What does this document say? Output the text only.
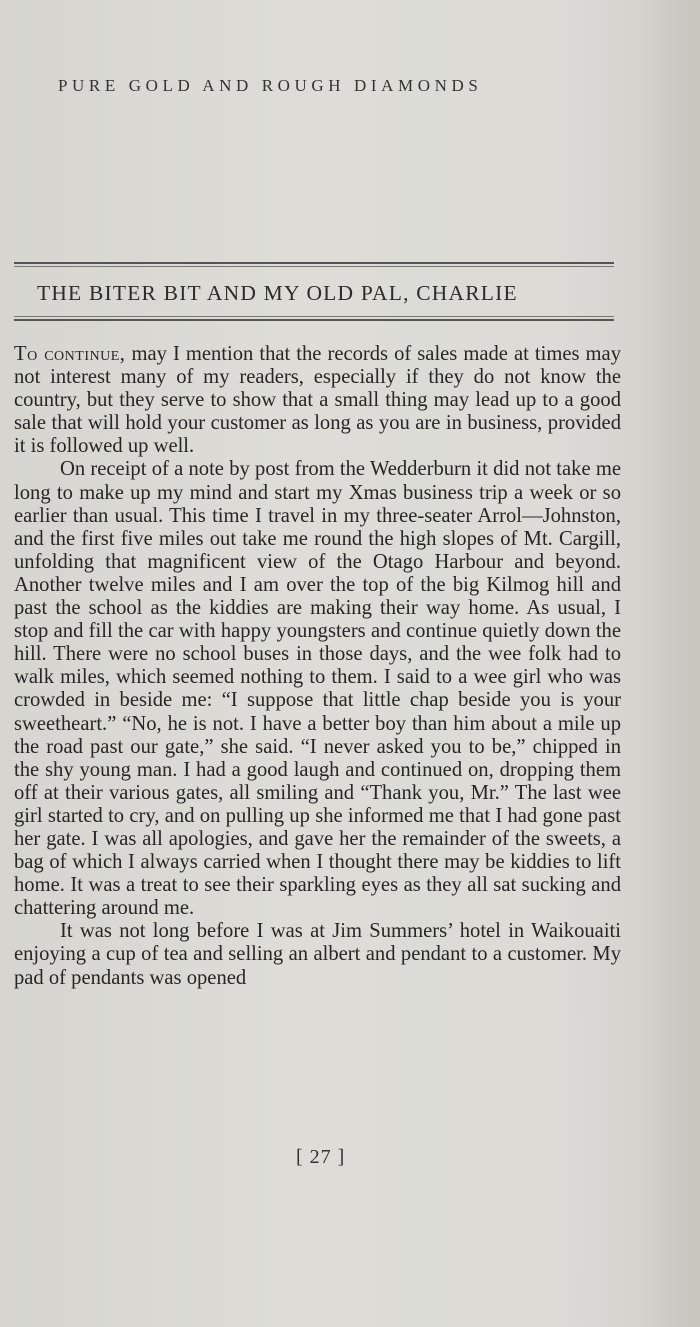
PURE GOLD AND ROUGH DIAMONDS
THE BITER BIT AND MY OLD PAL, CHARLIE

To continue, may I mention that the records of sales made at times may not interest many of my readers, especially if they do not know the country, but they serve to show that a small thing may lead up to a good sale that will hold your customer as long as you are in business, provided it is followed up well.

On receipt of a note by post from the Wedderburn it did not take me long to make up my mind and start my Xmas business trip a week or so earlier than usual. This time I travel in my three-seater Arrol—Johnston, and the first five miles out take me round the high slopes of Mt. Cargill, unfolding that magnificent view of the Otago Harbour and beyond. Another twelve miles and I am over the top of the big Kilmog hill and past the school as the kiddies are making their way home. As usual, I stop and fill the car with happy youngsters and continue quietly down the hill. There were no school buses in those days, and the wee folk had to walk miles, which seemed nothing to them. I said to a wee girl who was crowded in beside me: “I suppose that little chap beside you is your sweetheart.” “No, he is not. I have a better boy than him about a mile up the road past our gate,” she said. “I never asked you to be,” chipped in the shy young man. I had a good laugh and continued on, dropping them off at their various gates, all smiling and “Thank you, Mr.” The last wee girl started to cry, and on pulling up she informed me that I had gone past her gate. I was all apologies, and gave her the remainder of the sweets, a bag of which I always carried when I thought there may be kiddies to lift home. It was a treat to see their sparkling eyes as they all sat sucking and chattering around me.

It was not long before I was at Jim Summers’ hotel in Waikouaiti enjoying a cup of tea and selling an albert and pendant to a customer. My pad of pendants was opened

[ 27 ]
